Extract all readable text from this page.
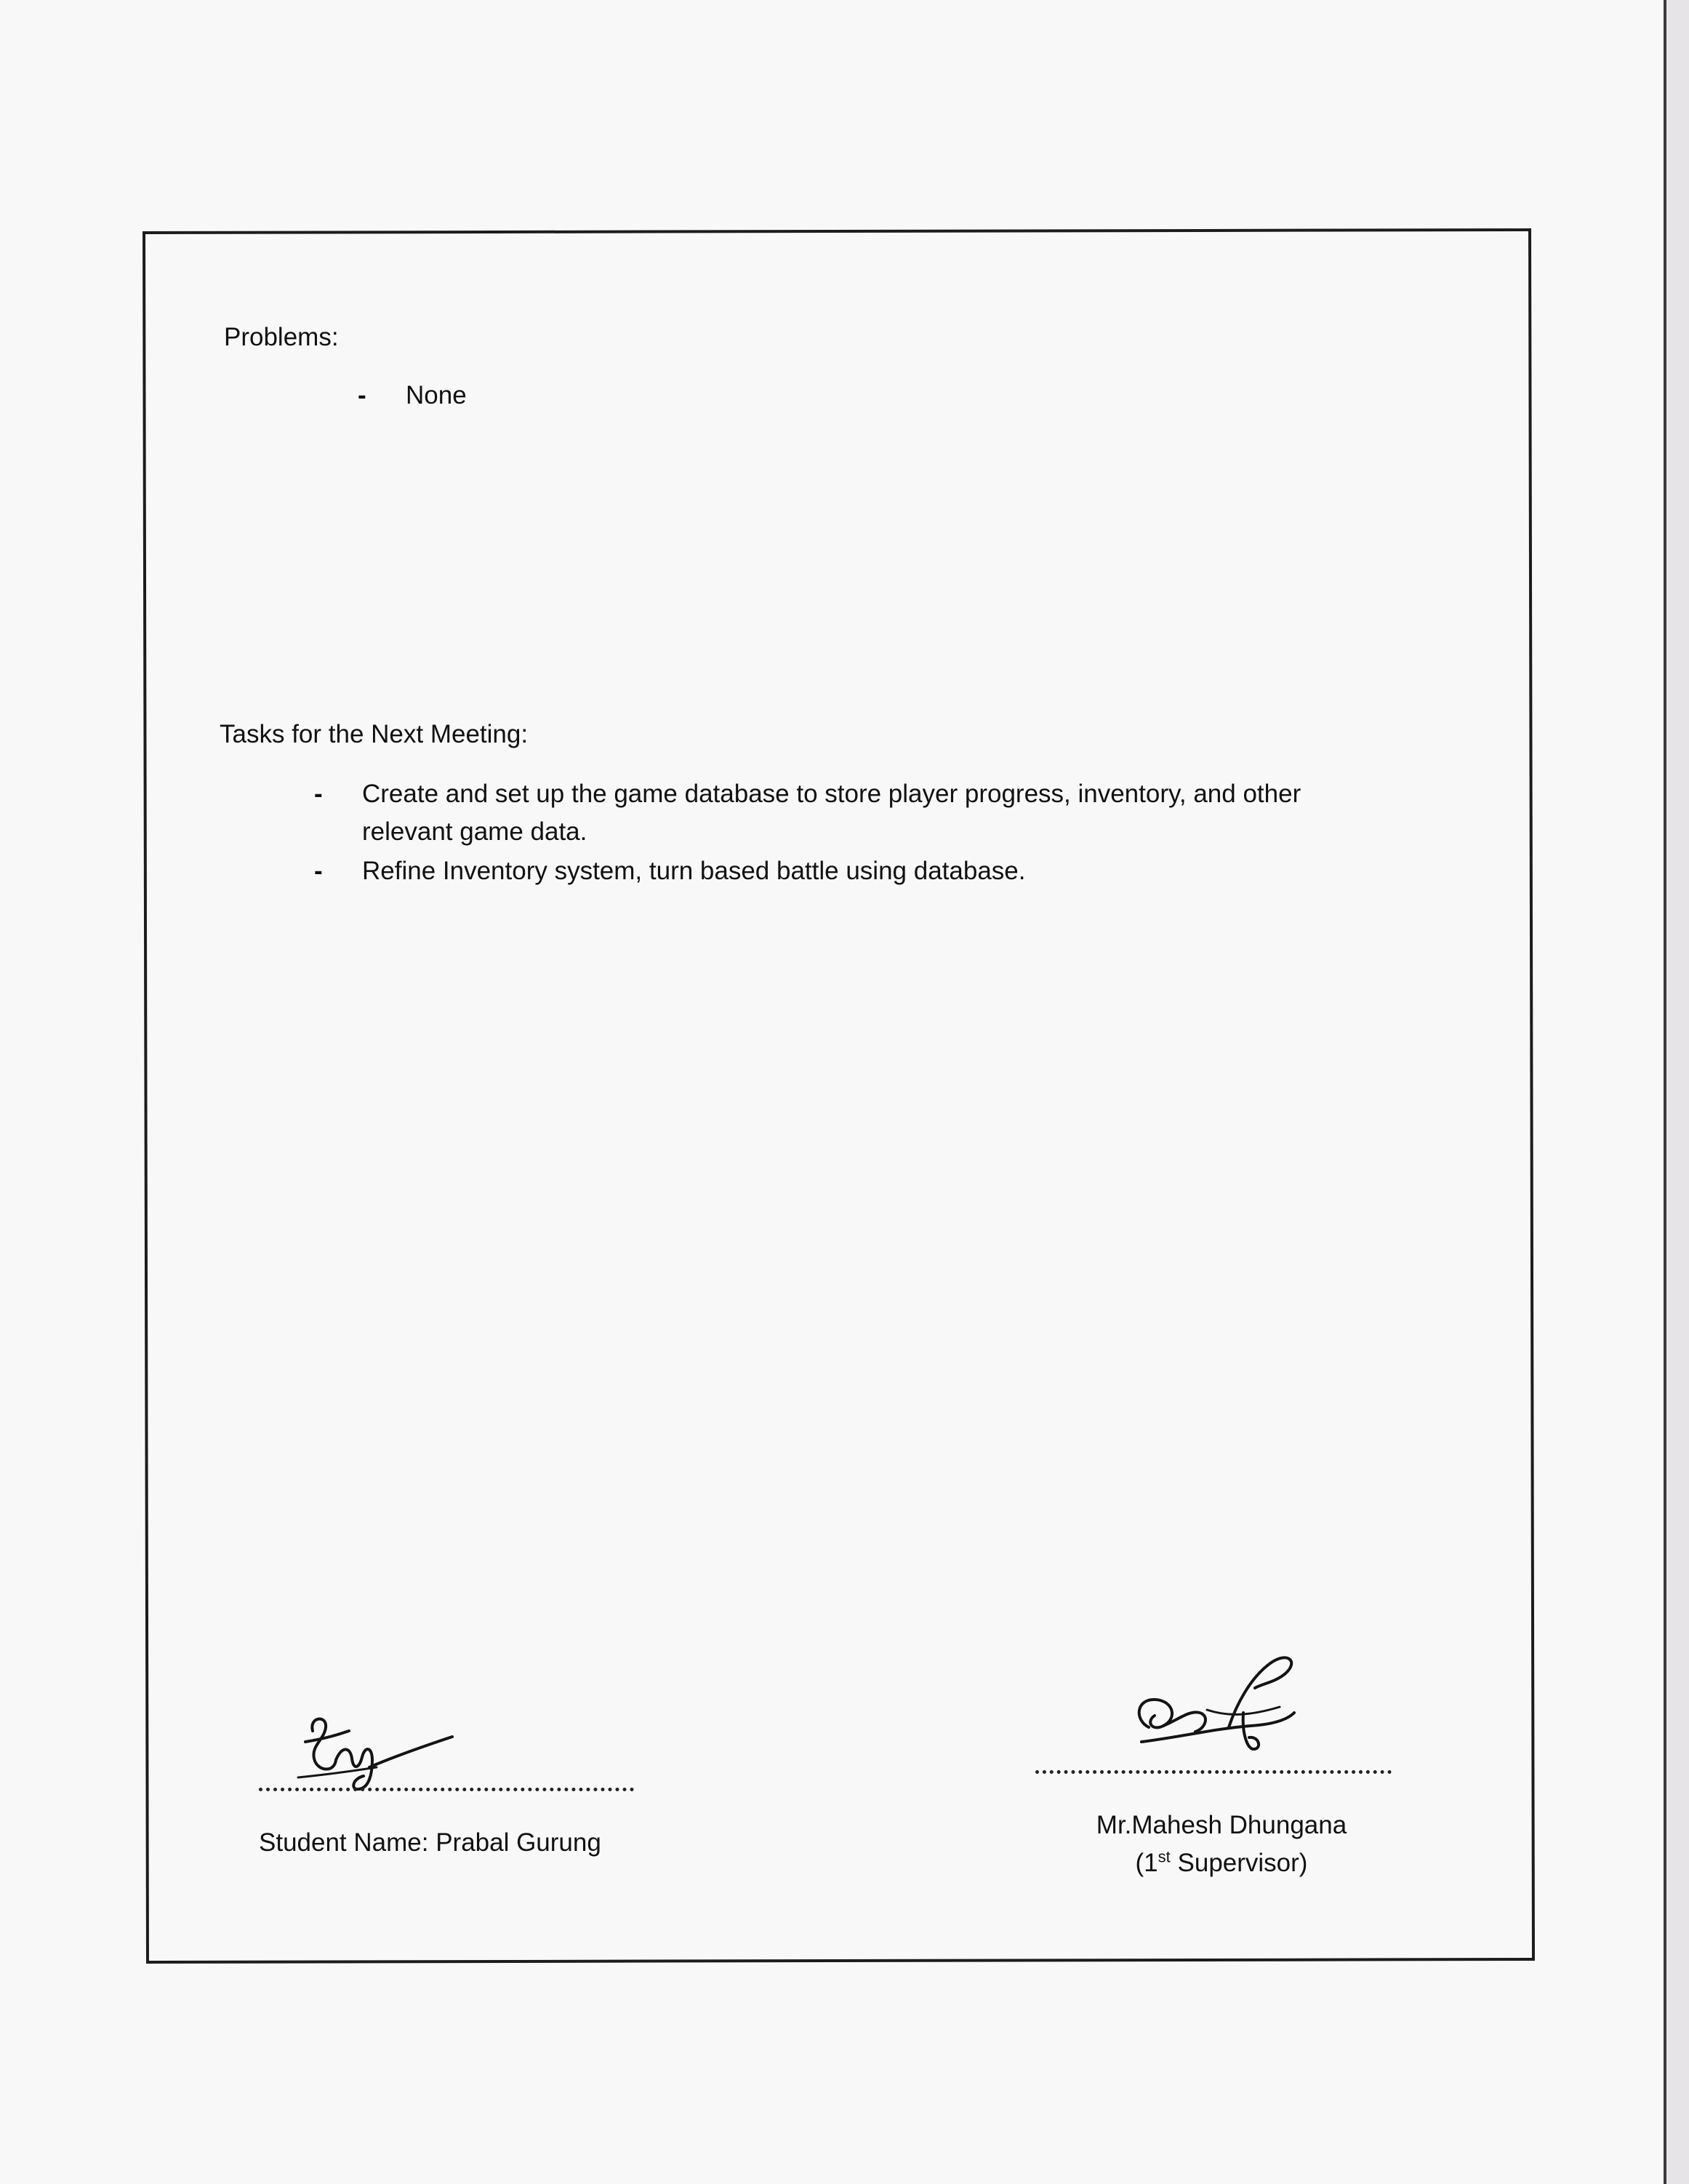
Problems:
-	None
Tasks for the Next Meeting:
-	Create and set up the game database to store player progress, inventory, and other relevant game data.
-	Refine Inventory system, turn based battle using database.
Student Name: Prabal Gurung
Mr.Mahesh Dhungana
(1st Supervisor)
